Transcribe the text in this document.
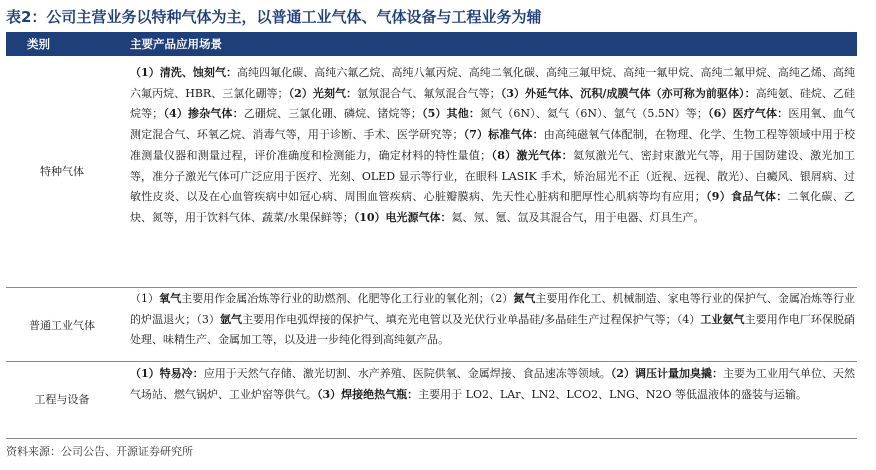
表2：公司主营业务以特种气体为主，以普通工业气体、气体设备与工程业务为辅
类别	主要产品应用场景
特种气体
（1）清洗、蚀刻气：高纯四氟化碳、高纯六氟乙烷、高纯八氟丙烷、高纯二氧化碳、高纯三氟甲烷、高纯一氟甲烷、高纯二氟甲烷、高纯乙烯、高纯六氟丙烷、HBR、三氯化硼等；（2）光刻气：氩氖混合气、氟氖混合气等；（3）外延气体、沉积/成膜气体（亦可称为前驱体）：高纯氨、硅烷、乙硅烷等；（4）掺杂气体：乙硼烷、三氯化硼、磷烷、锗烷等；（5）其他：氮气（6N）、氦气（6N）、氩气（5.5N）等；（6）医疗气体：医用氧、血气测定混合气、环氧乙烷、消毒气等，用于诊断、手术、医学研究等；（7）标准气体：由高纯磁氧气体配制，在物理、化学、生物工程等领域中用于校准测量仪器和测量过程，评价准确度和检测能力，确定材料的特性量值；（8）激光气体：氦氖激光气、密封束激光气等，用于国防建设、激光加工等，准分子激光气体可广泛应用于医疗、光刻、OLED 显示等行业，在眼科 LASIK 手术，矫治屈光不正（近视、远视、散光）、白癜风、银屑病、过敏性皮炎、以及在心血管疾病中如冠心病、周围血管疾病、心脏瓣膜病、先天性心脏病和肥厚性心肌病等均有应用；（9）食品气体：二氧化碳、乙炔、氮等，用于饮料气体、蔬菜/水果保鲜等；（10）电光源气体：氦、氖、氪、氙及其混合气，用于电器、灯具生产。
普通工业气体
（1）氧气主要用作金属冶炼等行业的助燃剂、化肥等化工行业的氧化剂；（2）氮气主要用作化工、机械制造、家电等行业的保护气、金属冶炼等行业的炉温退火；（3）氩气主要用作电弧焊接的保护气、填充光电管以及光伏行业单晶硅/多晶硅生产过程保护气等；（4）工业氨气主要用作电厂环保脱硝处理、味精生产、金属加工等，以及进一步纯化得到高纯氨产品。
工程与设备
（1）特易冷：应用于天然气存储、激光切割、水产养殖、医院供氧、金属焊接、食品速冻等领域。（2）调压计量加臭撬：主要为工业用气单位、天然气场站、燃气锅炉、工业炉窑等供气。（3）焊接绝热气瓶：主要用于 LO2、LAr、LN2、LCO2、LNG、N2O 等低温液体的盛装与运输。
资料来源：公司公告、开源证券研究所
